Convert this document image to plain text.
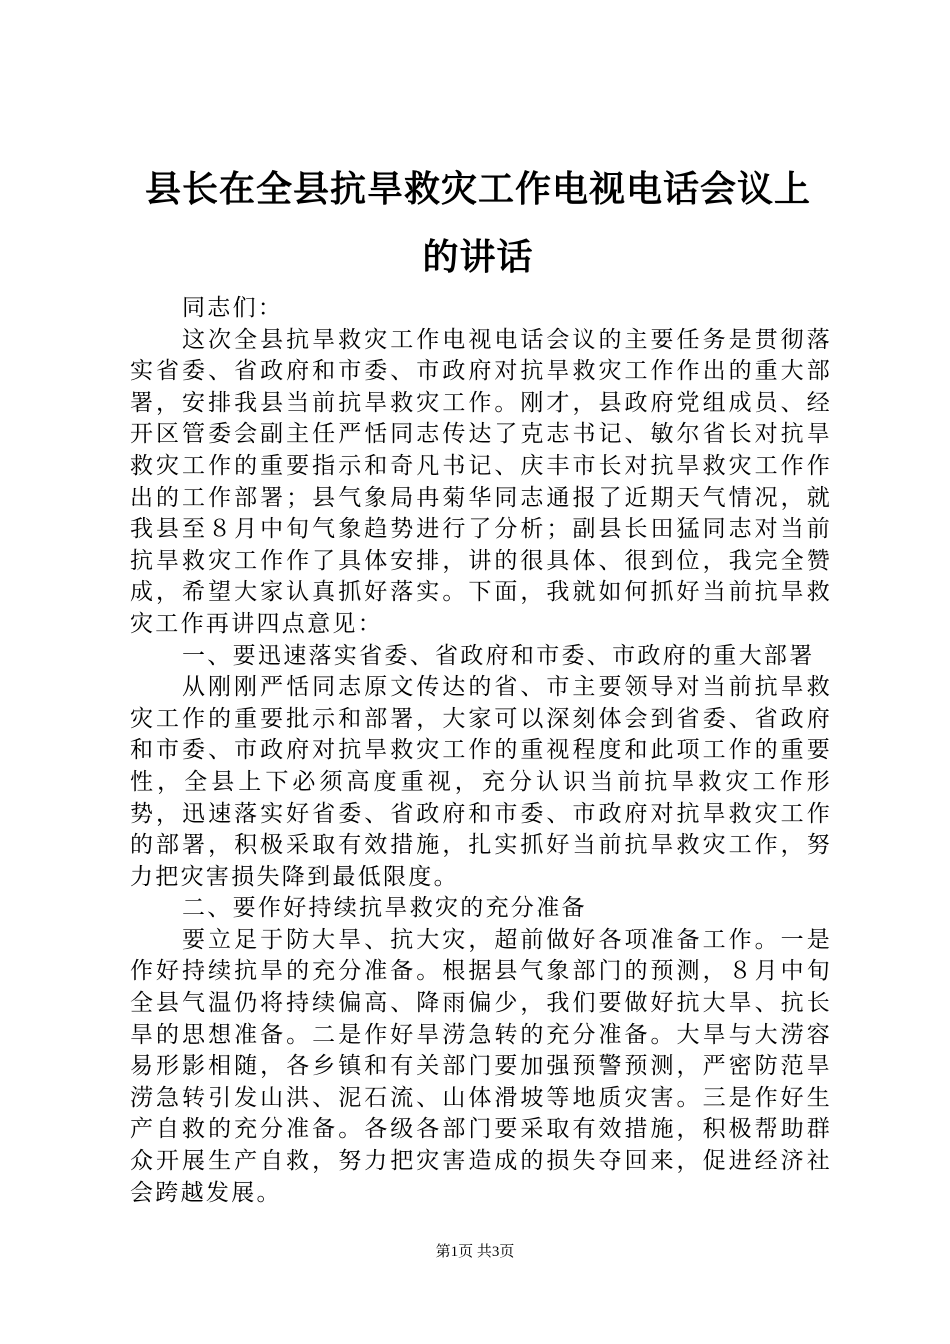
县长在全县抗旱救灾工作电视电话会议上的讲话

同志们：

这次全县抗旱救灾工作电视电话会议的主要任务是贯彻落实省委、省政府和市委、市政府对抗旱救灾工作作出的重大部署，安排我县当前抗旱救灾工作。刚才，县政府党组成员、经开区管委会副主任严恬同志传达了克志书记、敏尔省长对抗旱救灾工作的重要指示和奇凡书记、庆丰市长对抗旱救灾工作作出的工作部署；县气象局冉菊华同志通报了近期天气情况，就我县至８月中旬气象趋势进行了分析；副县长田猛同志对当前抗旱救灾工作作了具体安排，讲的很具体、很到位，我完全赞成，希望大家认真抓好落实。下面，我就如何抓好当前抗旱救灾工作再讲四点意见：

一、要迅速落实省委、省政府和市委、市政府的重大部署

从刚刚严恬同志原文传达的省、市主要领导对当前抗旱救灾工作的重要批示和部署，大家可以深刻体会到省委、省政府和市委、市政府对抗旱救灾工作的重视程度和此项工作的重要性，全县上下必须高度重视，充分认识当前抗旱救灾工作形势，迅速落实好省委、省政府和市委、市政府对抗旱救灾工作的部署，积极采取有效措施，扎实抓好当前抗旱救灾工作，努力把灾害损失降到最低限度。

二、要作好持续抗旱救灾的充分准备

要立足于防大旱、抗大灾，超前做好各项准备工作。一是作好持续抗旱的充分准备。根据县气象部门的预测，８月中旬全县气温仍将持续偏高、降雨偏少，我们要做好抗大旱、抗长旱的思想准备。二是作好旱涝急转的充分准备。大旱与大涝容易形影相随，各乡镇和有关部门要加强预警预测，严密防范旱涝急转引发山洪、泥石流、山体滑坡等地质灾害。三是作好生产自救的充分准备。各级各部门要采取有效措施，积极帮助群众开展生产自救，努力把灾害造成的损失夺回来，促进经济社会跨越发展。

第1页 共3页
